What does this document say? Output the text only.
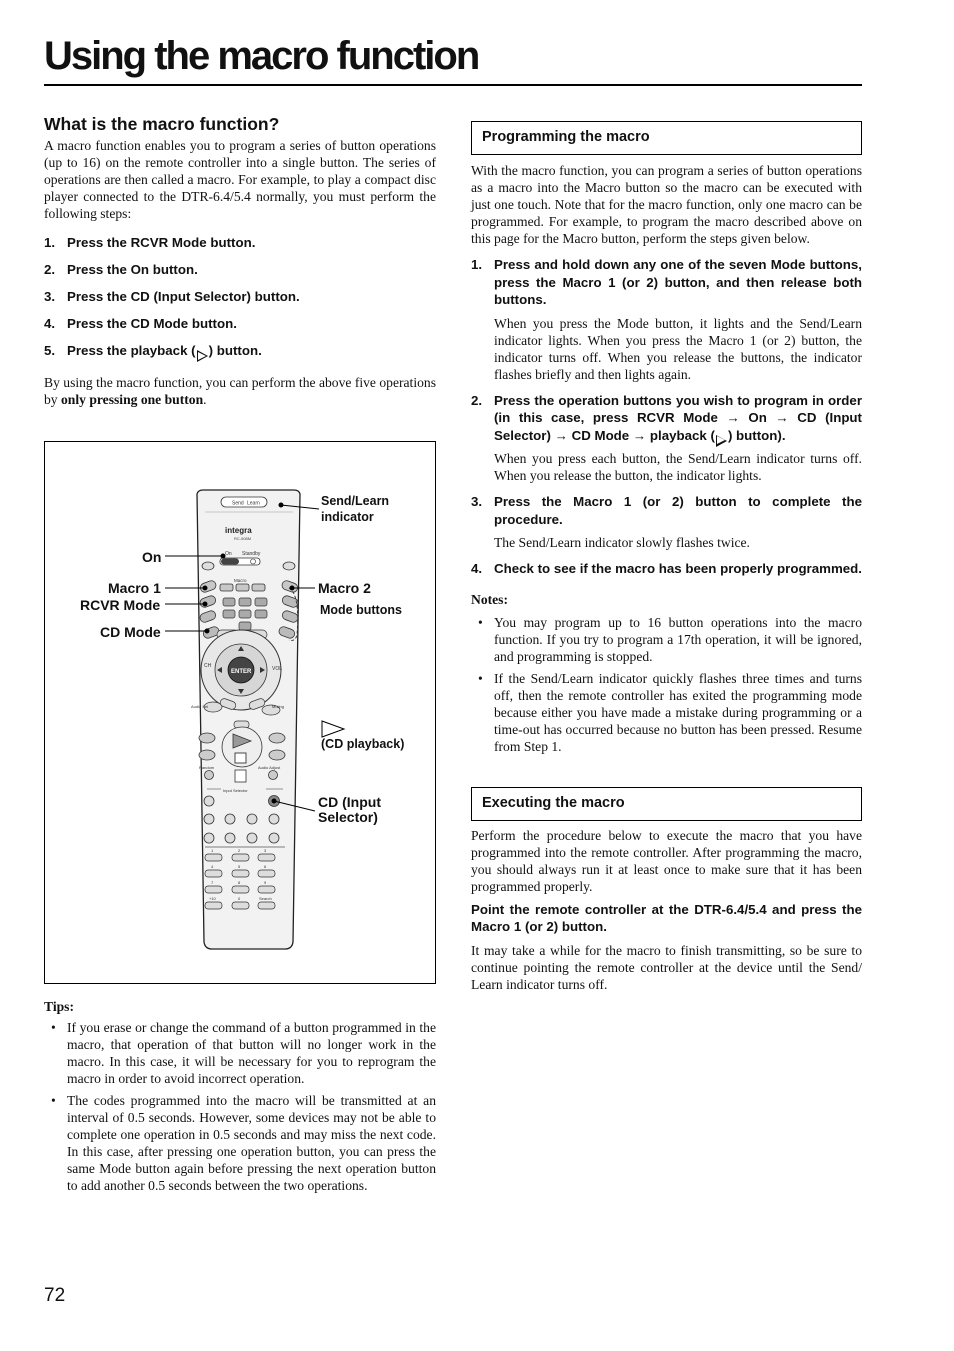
Using the macro function
What is the macro function?

A macro function enables you to program a series of button operations (up to 16) on the remote controller into a single button. The series of operations are then called a macro. For example, to play a compact disc player connected to the DTR-6.4/5.4 normally, you must perform the following steps:

1. Press the RCVR Mode button.
2. Press the On button.
3. Press the CD (Input Selector) button.
4. Press the CD Mode button.
5. Press the playback ( ) button.

By using the macro function, you can perform the above five operations by only pressing one button.

Send Learn
integra
RC-508M
On Standby
Macro
ENTER
CH	VOL
Audio Sel	Muting
Random	Audio Adjust
Input Selector
1	2	3
4	5	6
7	8	9
+10	0	Search
On
Macro 1
RCVR Mode
CD Mode
Send/Learn indicator
Macro 2
Mode buttons
(CD playback)
CD (Input Selector)
Tips:
• If you erase or change the command of a button programmed in the macro, that operation of that button will no longer work in the macro. In this case, it will be necessary for you to reprogram the macro in order to avoid incorrect operation.
• The codes programmed into the macro will be transmitted at an interval of 0.5 seconds. However, some devices may not be able to complete one operation in 0.5 seconds and may miss the next code. In this case, after pressing one operation button, you can press the same Mode button again before pressing the next operation button to add another 0.5 seconds between the two operations.
Programming the macro

With the macro function, you can program a series of button operations as a macro into the Macro button so the macro can be executed with just one touch. Note that for the macro function, only one macro can be programmed. For example, to program the macro described above on this page for the Macro button, perform the steps given below.

1. Press and hold down any one of the seven Mode buttons, press the Macro 1 (or 2) button, and then release both buttons.
When you press the Mode button, it lights and the Send/Learn indicator lights. When you press the Macro 1 (or 2) button, the indicator turns off. When you release the buttons, the indicator flashes briefly and then lights again.
2. Press the operation buttons you wish to program in order (in this case, press RCVR Mode → On → CD (Input Selector) → CD Mode → playback ( ) button).
When you press each button, the Send/Learn indicator turns off. When you release the button, the indicator lights.
3. Press the Macro 1 (or 2) button to complete the procedure.
The Send/Learn indicator slowly flashes twice.
4. Check to see if the macro has been properly programmed.
Notes:
• You may program up to 16 button operations into the macro function. If you try to program a 17th operation, it will be ignored, and programming is stopped.
• If the Send/Learn indicator quickly flashes three times and turns off, then the remote controller has exited the programming mode because either you have made a mistake during programming or a time-out has occurred because no button has been pressed. Resume from Step 1.
Executing the macro

Perform the procedure below to execute the macro that you have programmed into the remote controller. After programming the macro, you should always run it at least once to make sure that it has been programmed properly.

Point the remote controller at the DTR-6.4/5.4 and press the Macro 1 (or 2) button.

It may take a while for the macro to finish transmitting, so be sure to continue pointing the remote controller at the device until the Send/ Learn indicator turns off.

72
